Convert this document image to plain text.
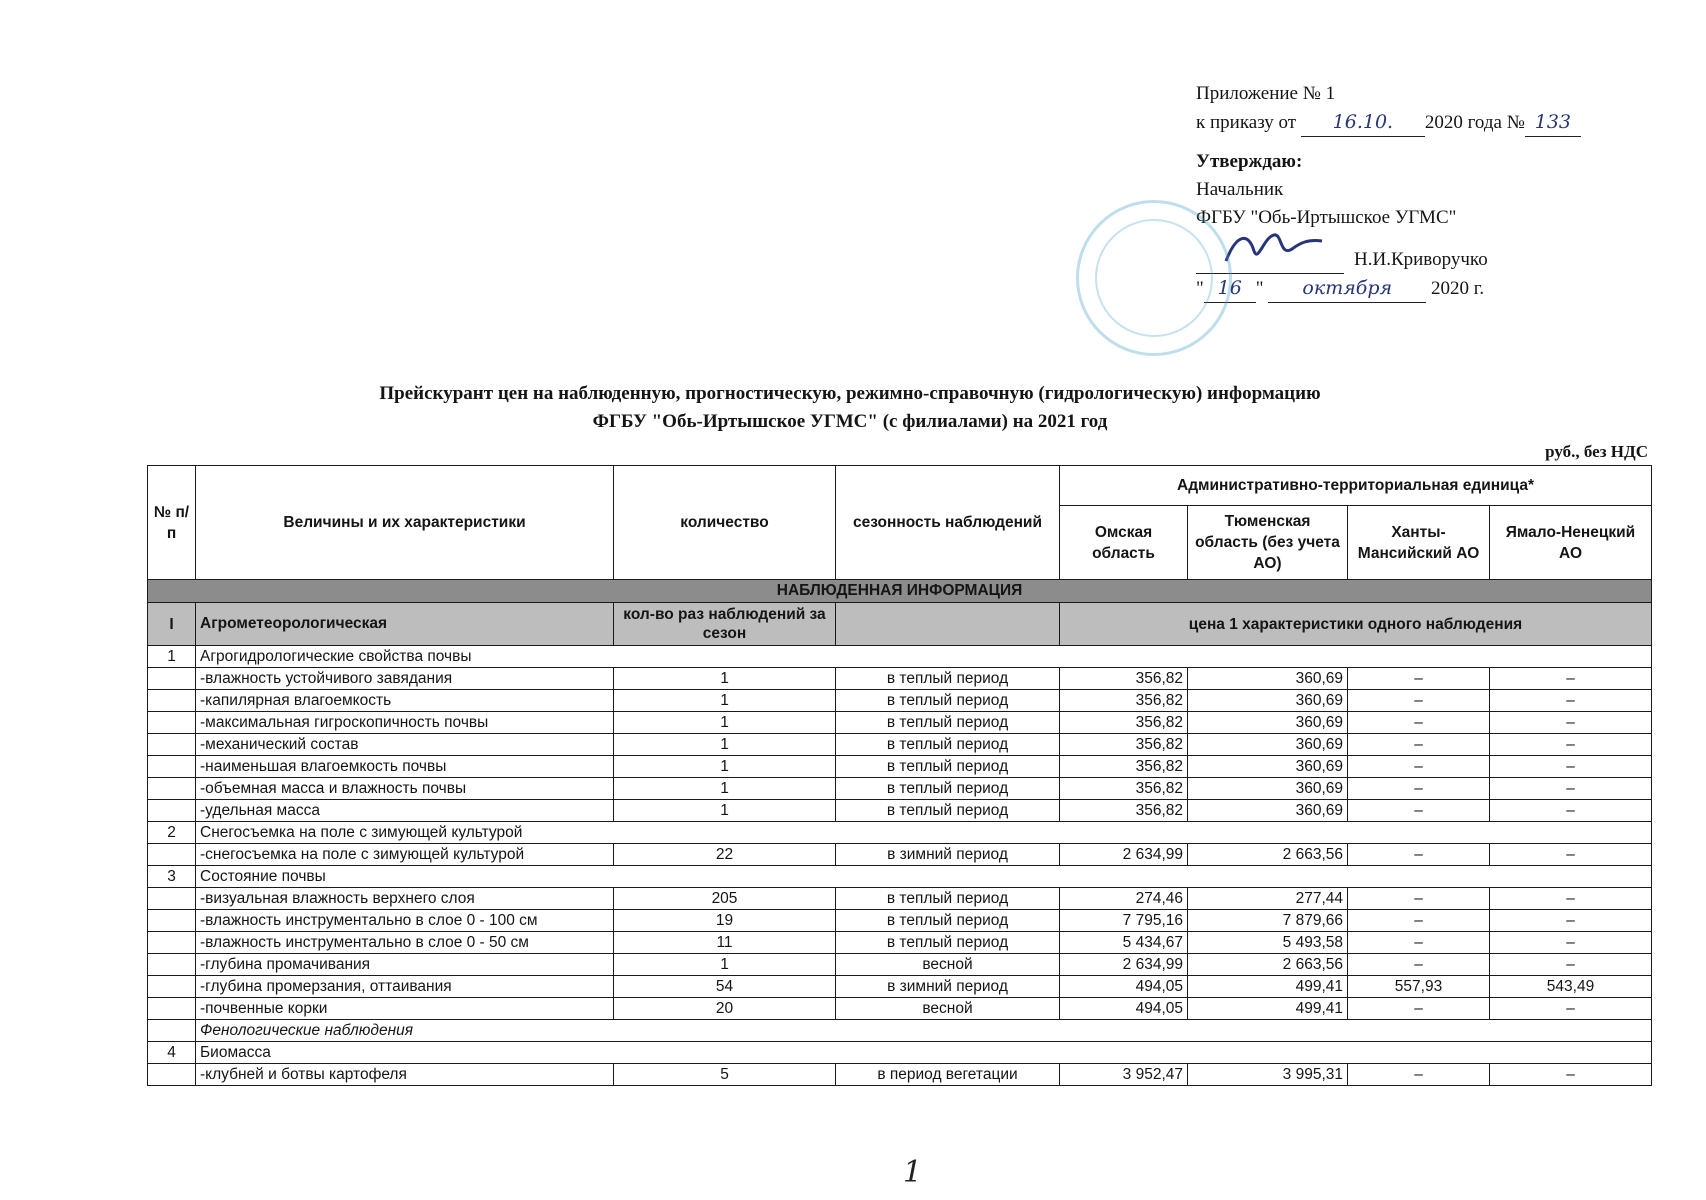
Приложение № 1
к приказу от 16.10. 2020 года № 133
Утверждаю:
Начальник
ФГБУ "Обь-Иртышское УГМС"
Н.И.Криворучко
" 16 " октября 2020 г.
Прейскурант цен на наблюденную, прогностическую, режимно-справочную (гидрологическую) информацию
ФГБУ "Обь-Иртышское УГМС" (с филиалами) на 2021 год
руб., без НДС
№ п/п	Величины и их характеристики	количество	сезонность наблюдений	Административно-территориальная единица*			
				Омская область	Тюменская область (без учета АО)	Ханты-Мансийский АО	Ямало-Ненецкий АО
НАБЛЮДЕННАЯ ИНФОРМАЦИЯ							
I	Агрометеорологическая	кол-во раз наблюдений за сезон		цена 1 характеристики одного наблюдения			
1	Агрогидрологические свойства почвы						
	-влажность устойчивого завядания	1	в теплый период	356,82	360,69	–	–
	-капилярная влагоемкость	1	в теплый период	356,82	360,69	–	–
	-максимальная гигроскопичность почвы	1	в теплый период	356,82	360,69	–	–
	-механический состав	1	в теплый период	356,82	360,69	–	–
	-наименьшая влагоемкость почвы	1	в теплый период	356,82	360,69	–	–
	-объемная масса и влажность почвы	1	в теплый период	356,82	360,69	–	–
	-удельная масса	1	в теплый период	356,82	360,69	–	–
2	Снегосъемка на поле с зимующей культурой						
	-снегосъемка на поле с зимующей культурой	22	в зимний период	2 634,99	2 663,56	–	–
3	Состояние почвы						
	-визуальная влажность верхнего слоя	205	в теплый период	274,46	277,44	–	–
	-влажность инструментально в слое 0 - 100 см	19	в теплый период	7 795,16	7 879,66	–	–
	-влажность инструментально в слое 0 - 50 см	11	в теплый период	5 434,67	5 493,58	–	–
	-глубина промачивания	1	весной	2 634,99	2 663,56	–	–
	-глубина промерзания, оттаивания	54	в зимний период	494,05	499,41	557,93	543,49
	-почвенные корки	20	весной	494,05	499,41	–	–
	Фенологические наблюдения						
4	Биомасса						
	-клубней и ботвы картофеля	5	в период вегетации	3 952,47	3 995,31	–	–
1
